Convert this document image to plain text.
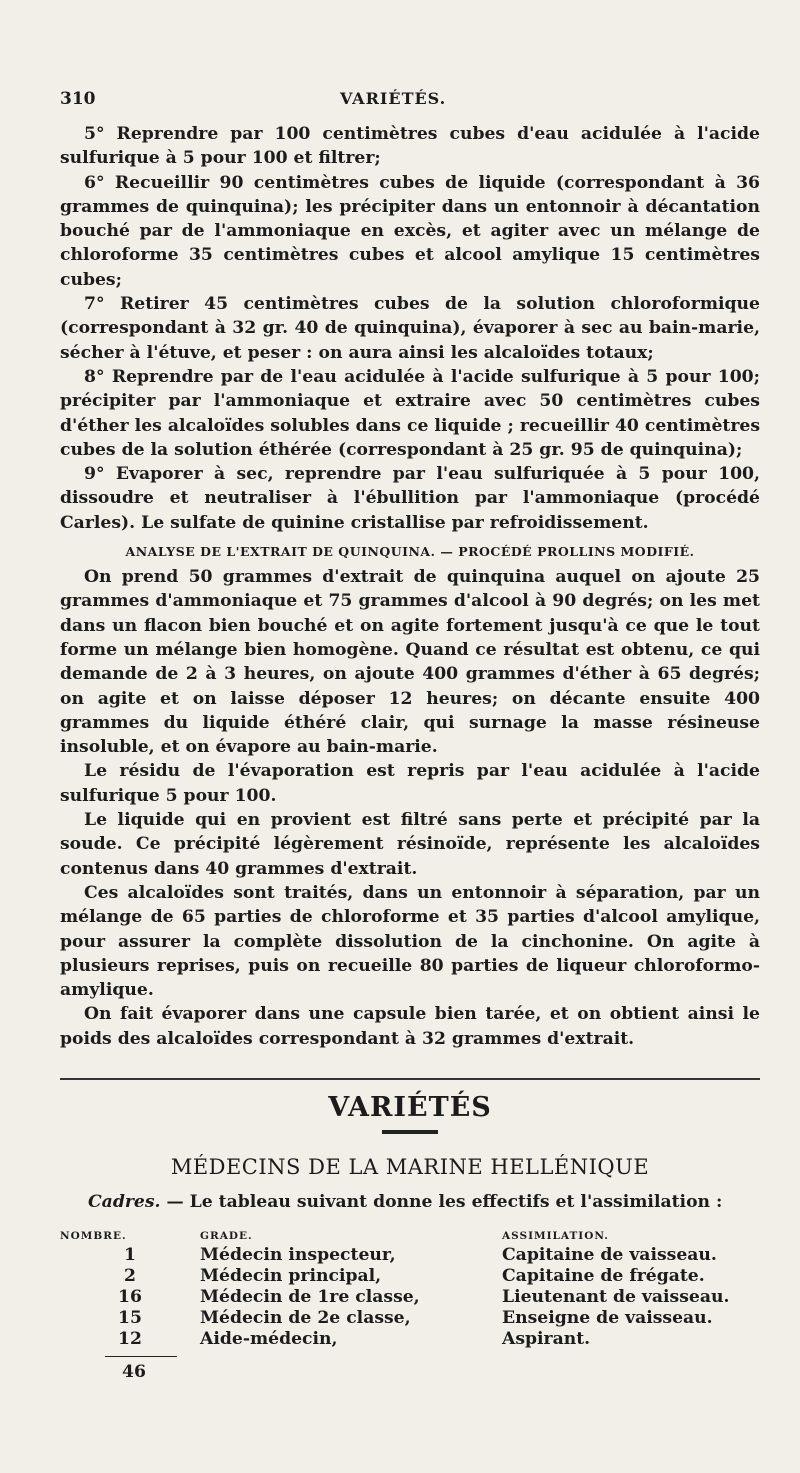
310	VARIÉTÉS.

5° Reprendre par 100 centimètres cubes d'eau acidulée à l'acide sulfurique à 5 pour 100 et filtrer;

6° Recueillir 90 centimètres cubes de liquide (correspondant à 36 grammes de quinquina); les précipiter dans un entonnoir à décantation bouché par de l'ammoniaque en excès, et agiter avec un mélange de chloroforme 35 centimètres cubes et alcool amylique 15 centimètres cubes;

7° Retirer 45 centimètres cubes de la solution chloroformique (correspondant à 32 gr. 40 de quinquina), évaporer à sec au bain-marie, sécher à l'étuve, et peser : on aura ainsi les alcaloïdes totaux;

8° Reprendre par de l'eau acidulée à l'acide sulfurique à 5 pour 100; précipiter par l'ammoniaque et extraire avec 50 centimètres cubes d'éther les alcaloïdes solubles dans ce liquide ; recueillir 40 centimètres cubes de la solution éthérée (correspondant à 25 gr. 95 de quinquina);

9° Evaporer à sec, reprendre par l'eau sulfuriquée à 5 pour 100, dissoudre et neutraliser à l'ébullition par l'ammoniaque (procédé Carles). Le sulfate de quinine cristallise par refroidissement.

ANALYSE DE L'EXTRAIT DE QUINQUINA. — PROCÉDÉ PROLLINS MODIFIÉ.

On prend 50 grammes d'extrait de quinquina auquel on ajoute 25 grammes d'ammoniaque et 75 grammes d'alcool à 90 degrés; on les met dans un flacon bien bouché et on agite fortement jusqu'à ce que le tout forme un mélange bien homogène. Quand ce résultat est obtenu, ce qui demande de 2 à 3 heures, on ajoute 400 grammes d'éther à 65 degrés; on agite et on laisse déposer 12 heures; on décante ensuite 400 grammes du liquide éthéré clair, qui surnage la masse résineuse insoluble, et on évapore au bain-marie.

Le résidu de l'évaporation est repris par l'eau acidulée à l'acide sulfurique 5 pour 100.

Le liquide qui en provient est filtré sans perte et précipité par la soude. Ce précipité légèrement résinoïde, représente les alcaloïdes contenus dans 40 grammes d'extrait.

Ces alcaloïdes sont traités, dans un entonnoir à séparation, par un mélange de 65 parties de chloroforme et 35 parties d'alcool amylique, pour assurer la complète dissolution de la cinchonine. On agite à plusieurs reprises, puis on recueille 80 parties de liqueur chloroformo-amylique.

On fait évaporer dans une capsule bien tarée, et on obtient ainsi le poids des alcaloïdes correspondant à 32 grammes d'extrait.

VARIÉTÉS
MÉDECINS DE LA MARINE HELLÉNIQUE
Cadres. — Le tableau suivant donne les effectifs et l'assimilation :
NOMBRE.	GRADE.	ASSIMILATION.
1	Médecin inspecteur,	Capitaine de vaisseau.
2	Médecin principal,	Capitaine de frégate.
16	Médecin de 1re classe,	Lieutenant de vaisseau.
15	Médecin de 2e classe,	Enseigne de vaisseau.
12	Aide-médecin,	Aspirant.
46
